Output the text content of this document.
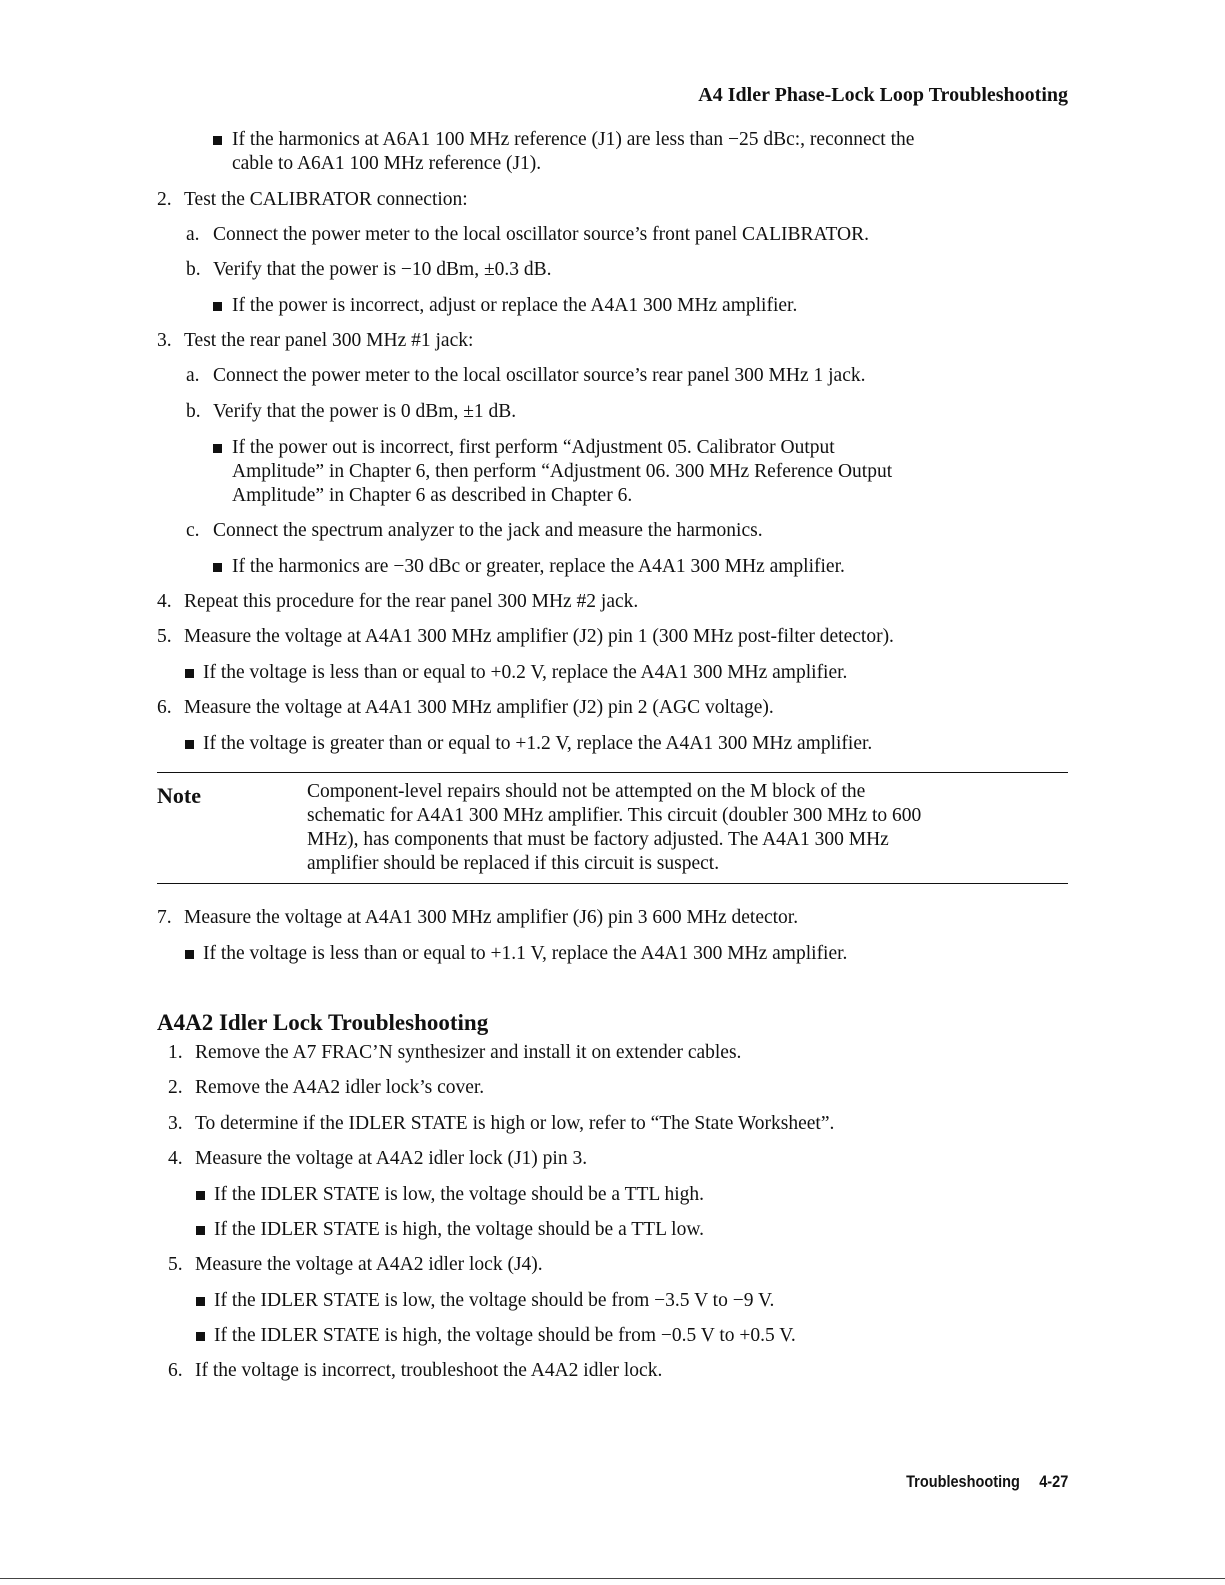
A4 Idler Phase-Lock Loop Troubleshooting
If the harmonics at A6A1 100 MHz reference (J1) are less than −25 dBc:, reconnect the
cable to A6A1 100 MHz reference (J1).
2. Test the CALIBRATOR connection:
a. Connect the power meter to the local oscillator source’s front panel CALIBRATOR.
b. Verify that the power is −10 dBm, ±0.3 dB.
If the power is incorrect, adjust or replace the A4A1 300 MHz amplifier.
3. Test the rear panel 300 MHz #1 jack:
a. Connect the power meter to the local oscillator source’s rear panel 300 MHz 1 jack.
b. Verify that the power is 0 dBm, ±1 dB.
If the power out is incorrect, first perform “Adjustment 05. Calibrator Output
Amplitude” in Chapter 6, then perform “Adjustment 06. 300 MHz Reference Output
Amplitude” in Chapter 6 as described in Chapter 6.
c. Connect the spectrum analyzer to the jack and measure the harmonics.
If the harmonics are −30 dBc or greater, replace the A4A1 300 MHz amplifier.
4. Repeat this procedure for the rear panel 300 MHz #2 jack.
5. Measure the voltage at A4A1 300 MHz amplifier (J2) pin 1 (300 MHz post-filter detector).
If the voltage is less than or equal to +0.2 V, replace the A4A1 300 MHz amplifier.
6. Measure the voltage at A4A1 300 MHz amplifier (J2) pin 2 (AGC voltage).
If the voltage is greater than or equal to +1.2 V, replace the A4A1 300 MHz amplifier.
Note	Component-level repairs should not be attempted on the M block of the
schematic for A4A1 300 MHz amplifier. This circuit (doubler 300 MHz to 600
MHz), has components that must be factory adjusted. The A4A1 300 MHz
amplifier should be replaced if this circuit is suspect.
7. Measure the voltage at A4A1 300 MHz amplifier (J6) pin 3 600 MHz detector.
If the voltage is less than or equal to +1.1 V, replace the A4A1 300 MHz amplifier.
A4A2 Idler Lock Troubleshooting
1. Remove the A7 FRAC’N synthesizer and install it on extender cables.
2. Remove the A4A2 idler lock’s cover.
3. To determine if the IDLER STATE is high or low, refer to “The State Worksheet”.
4. Measure the voltage at A4A2 idler lock (J1) pin 3.
If the IDLER STATE is low, the voltage should be a TTL high.
If the IDLER STATE is high, the voltage should be a TTL low.
5. Measure the voltage at A4A2 idler lock (J4).
If the IDLER STATE is low, the voltage should be from −3.5 V to −9 V.
If the IDLER STATE is high, the voltage should be from −0.5 V to +0.5 V.
6. If the voltage is incorrect, troubleshoot the A4A2 idler lock.
Troubleshooting 4-27
